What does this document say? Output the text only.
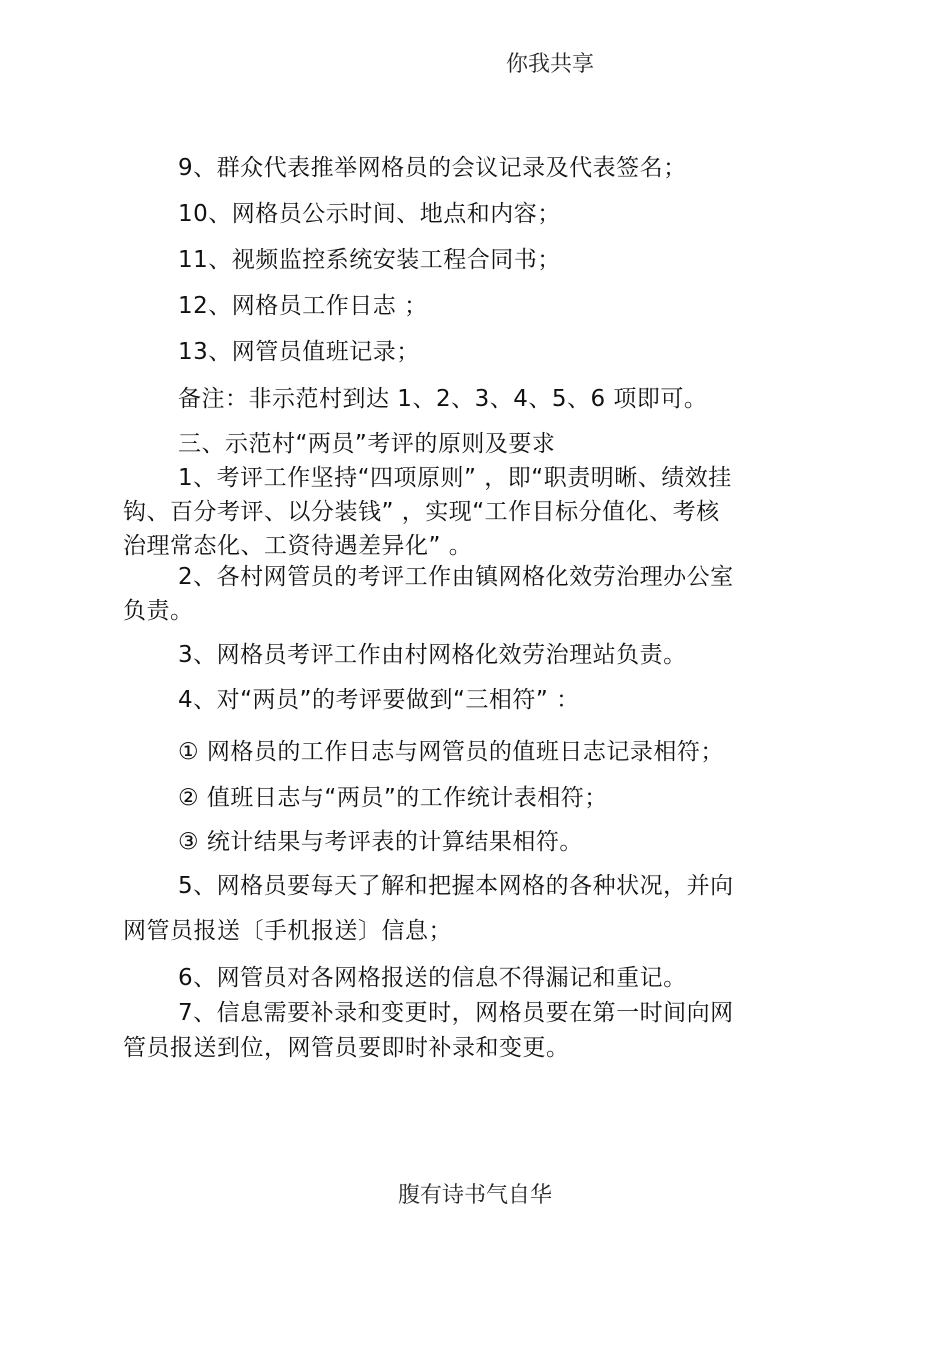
你我共享
9、群众代表推举网格员的会议记录及代表签名；
10、网格员公示时间、地点和内容；
11、视频监控系统安装工程合同书；
12、网格员工作日志 ；
13、网管员值班记录；
备注：非示范村到达 1、2、3、4、5、6 项即可。
三、示范村“两员”考评的原则及要求
1、考评工作坚持“四项原则” ，即“职责明晰、绩效挂
钩、百分考评、以分装钱” ，实现“工作目标分值化、考核
治理常态化、工资待遇差异化” 。
2、各村网管员的考评工作由镇网格化效劳治理办公室
负责。
3、网格员考评工作由村网格化效劳治理站负责。
4、对“两员”的考评要做到“三相符” ：
① 网格员的工作日志与网管员的值班日志记录相符；
② 值班日志与“两员”的工作统计表相符；
③ 统计结果与考评表的计算结果相符。
5、网格员要每天了解和把握本网格的各种状况，并向
网管员报送〔手机报送〕信息；
6、网管员对各网格报送的信息不得漏记和重记。
7、信息需要补录和变更时，网格员要在第一时间向网
管员报送到位，网管员要即时补录和变更。
腹有诗书气自华
